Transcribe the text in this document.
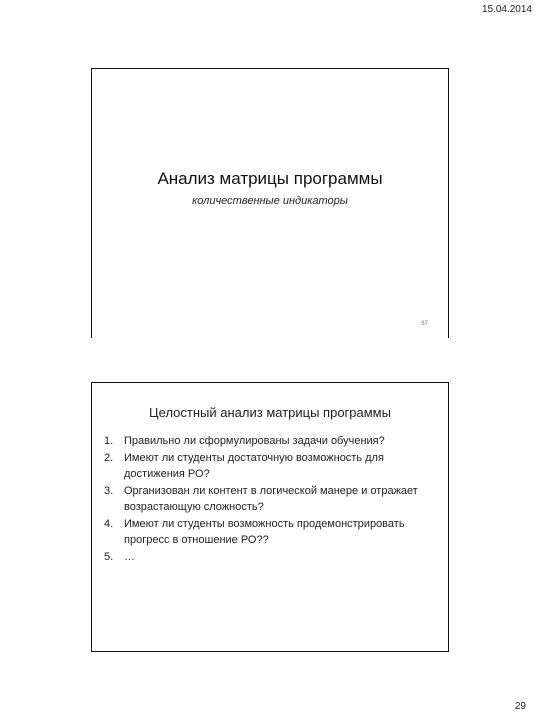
15.04.2014
Анализ матрицы программы
количественные индикаторы
67
Целостный анализ матрицы программы
1. Правильно ли сформулированы задачи обучения?
2. Имеют ли студенты достаточную возможность для достижения РО?
3. Организован ли контент в логической манере и отражает возрастающую сложность?
4. Имеют ли студенты возможность продемонстрировать прогресс в отношение РО??
5. …
29
